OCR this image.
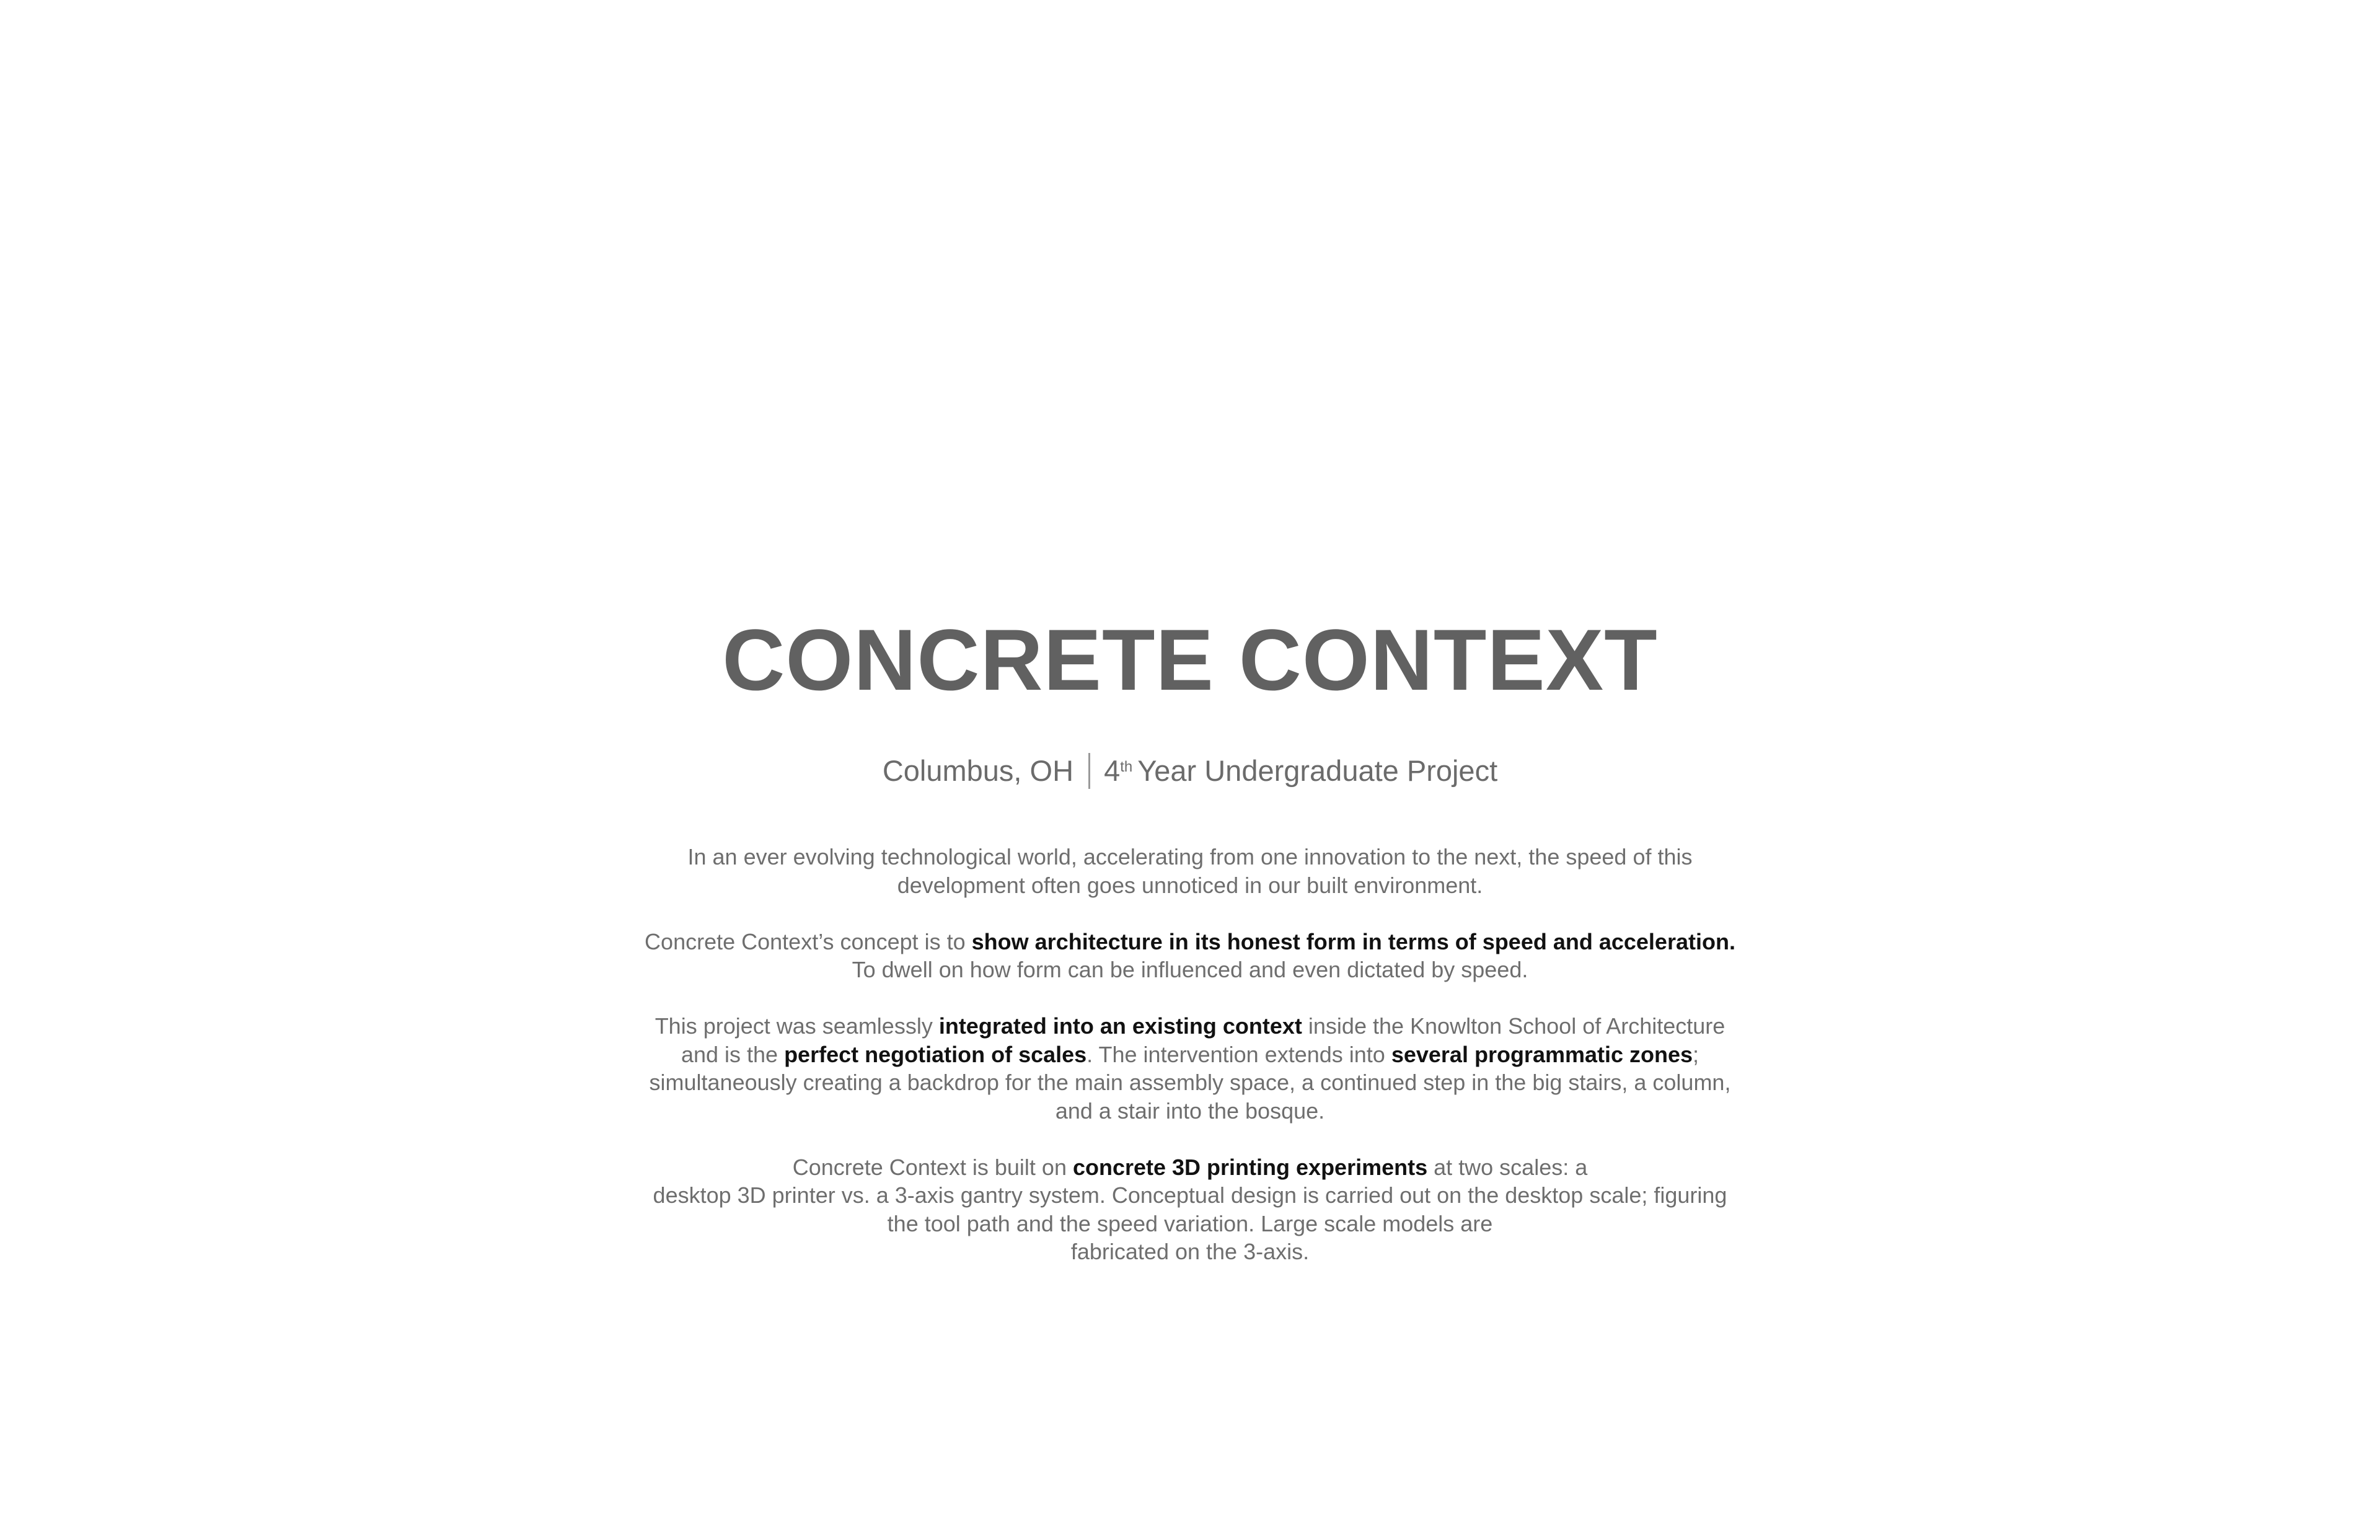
CONCRETE CONTEXT
Columbus, OH 4th Year Undergraduate Project

In an ever evolving technological world, accelerating from one innovation to the next, the speed of this
development often goes unnoticed in our built environment.

Concrete Context’s concept is to show architecture in its honest form in terms of speed and acceleration.
To dwell on how form can be influenced and even dictated by speed.

This project was seamlessly integrated into an existing context inside the Knowlton School of Architecture
and is the perfect negotiation of scales. The intervention extends into several programmatic zones;
simultaneously creating a backdrop for the main assembly space, a continued step in the big stairs, a column,
and a stair into the bosque.

Concrete Context is built on concrete 3D printing experiments at two scales: a
desktop 3D printer vs. a 3-axis gantry system. Conceptual design is carried out on the desktop scale; figuring
the tool path and the speed variation. Large scale models are
fabricated on the 3-axis.
